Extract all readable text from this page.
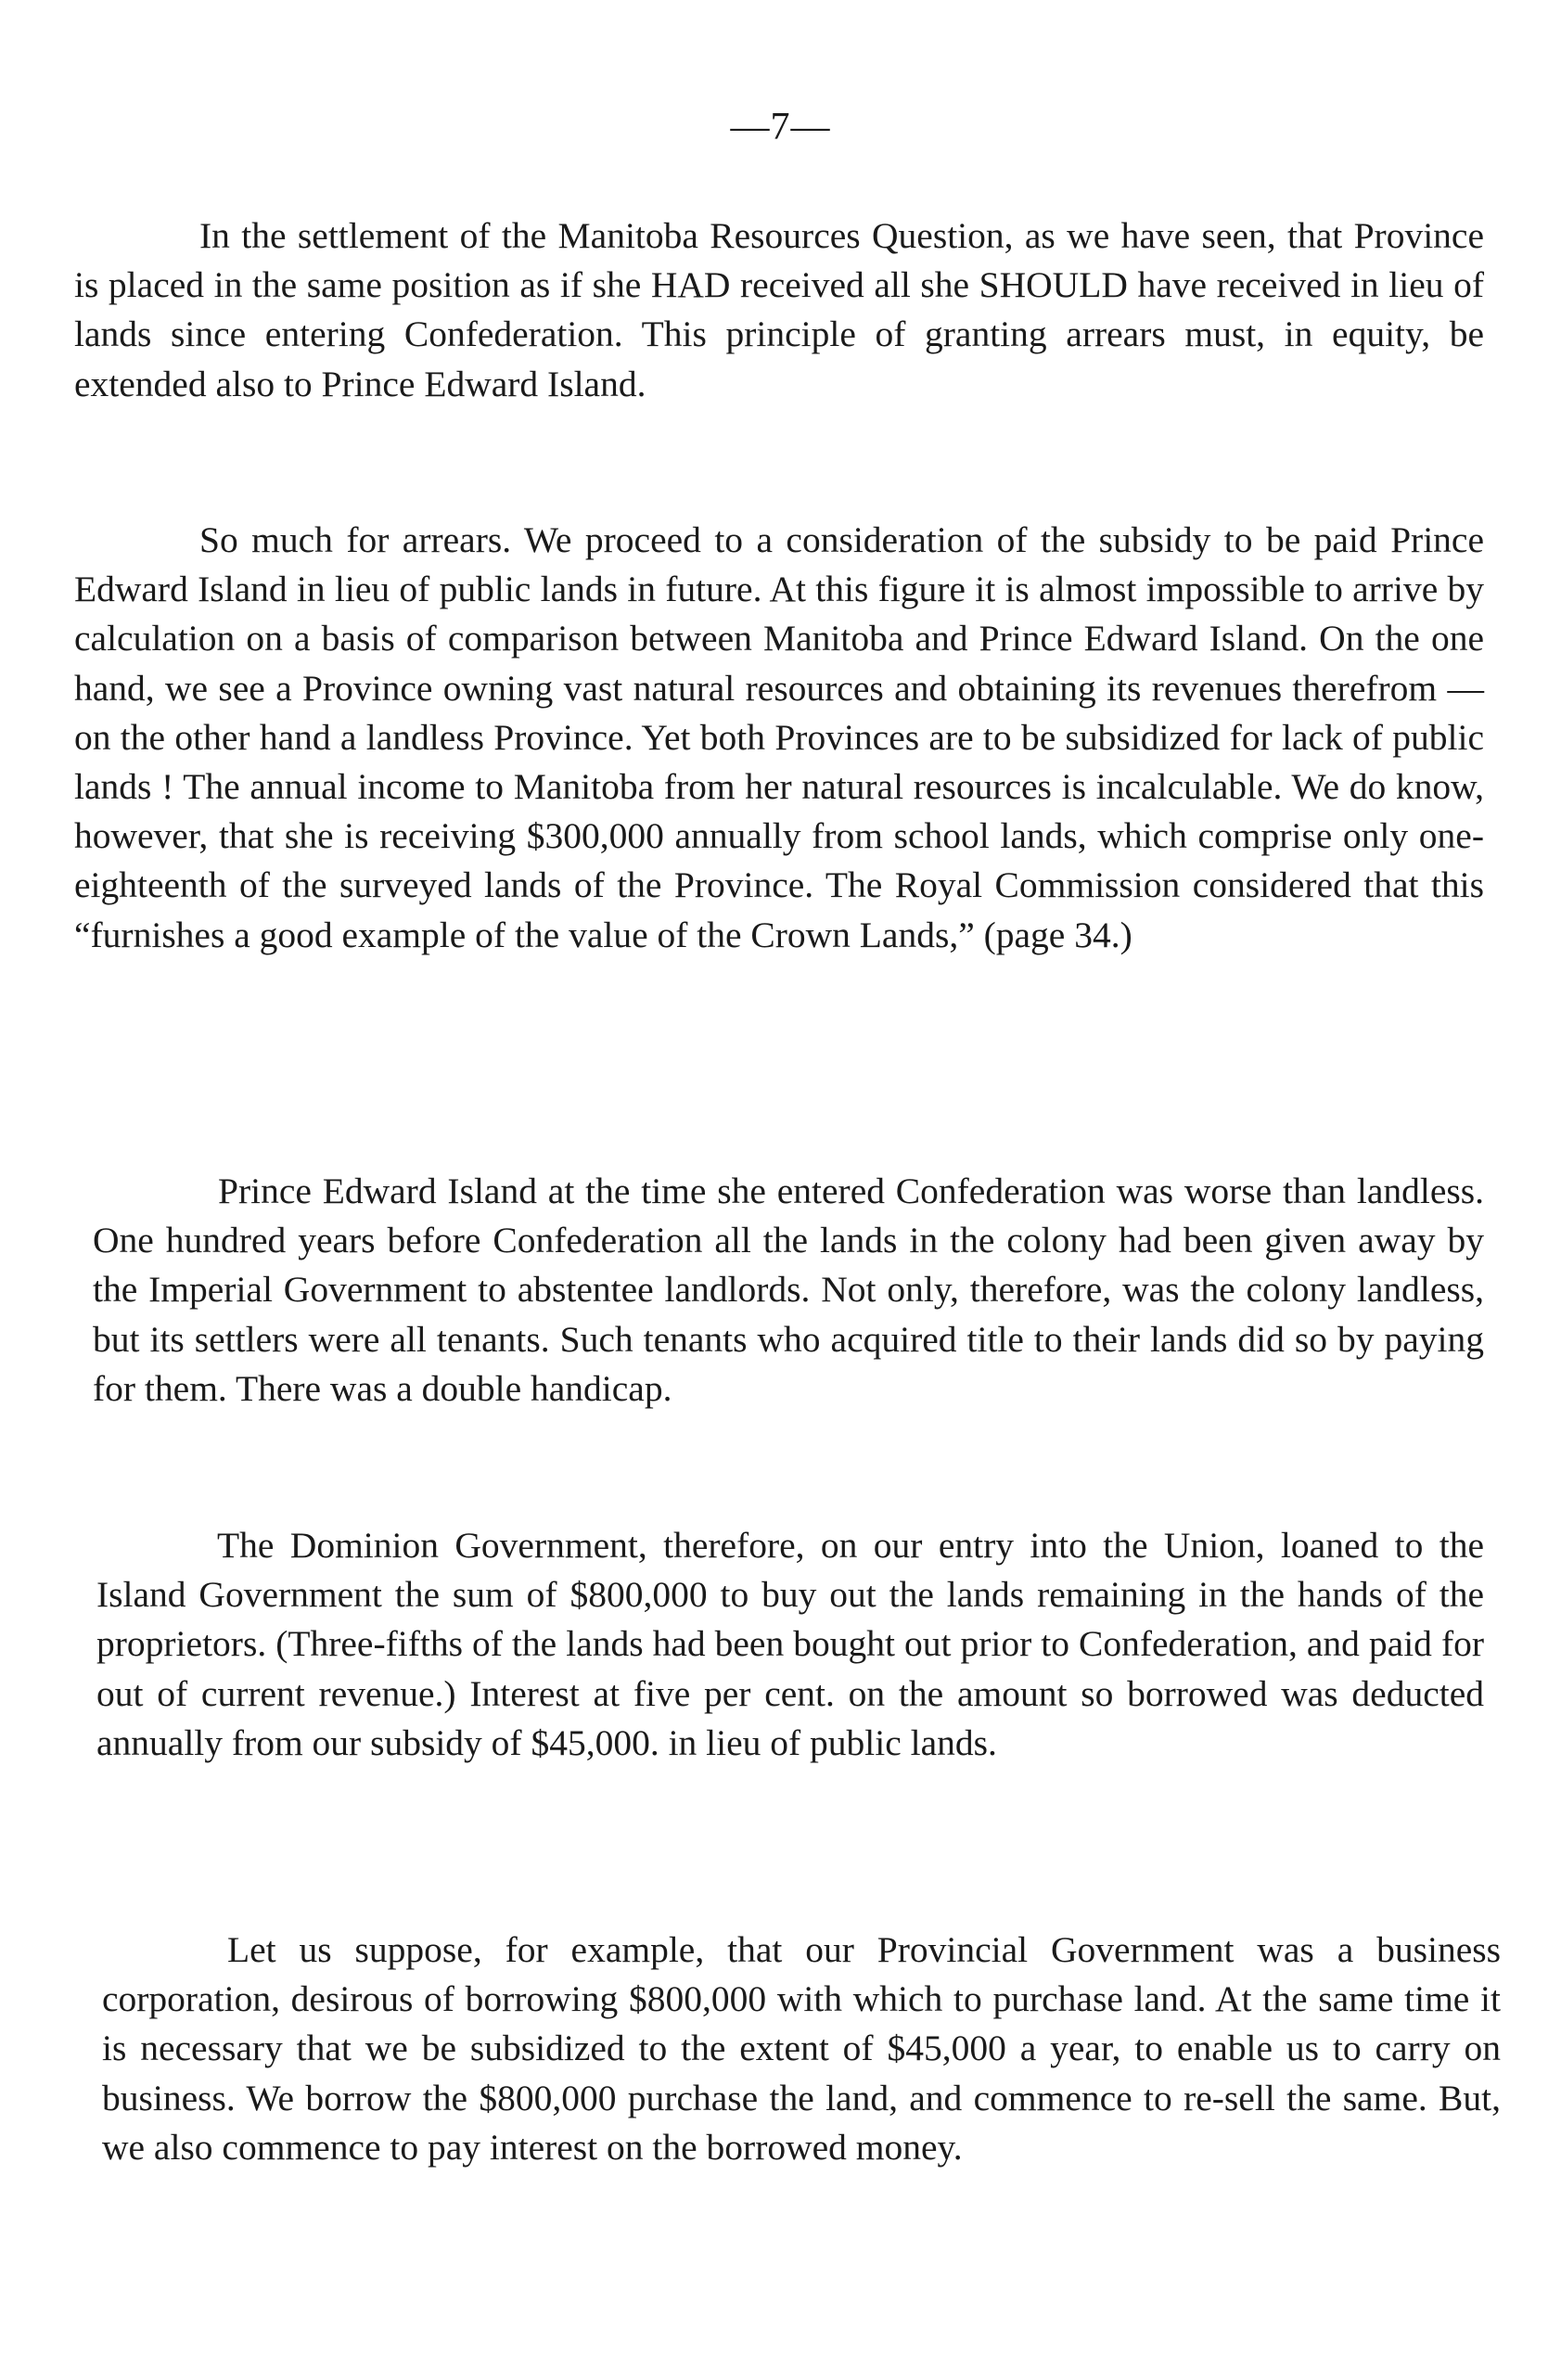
—7—

In the settlement of the Manitoba Resources Question, as we have seen, that Province is placed in the same position as if she HAD received all she SHOULD have received in lieu of lands since entering Confederation. This principle of granting arrears must, in equity, be extended also to Prince Edward Island.

So much for arrears. We proceed to a consideration of the subsidy to be paid Prince Edward Island in lieu of public lands in future. At this figure it is almost impossible to arrive by calculation on a basis of comparison between Manitoba and Prince Edward Island. On the one hand, we see a Province owning vast natural resources and obtaining its revenues therefrom — on the other hand a landless Province. Yet both Provinces are to be subsidized for lack of public lands ! The annual income to Manitoba from her natural resources is incalculable. We do know, however, that she is receiving $300,000 annually from school lands, which comprise only one-eighteenth of the surveyed lands of the Province. The Royal Commission considered that this “furnishes a good example of the value of the Crown Lands,” (page 34.)

Prince Edward Island at the time she entered Confederation was worse than landless. One hundred years before Confederation all the lands in the colony had been given away by the Imperial Government to abstentee landlords. Not only, therefore, was the colony landless, but its settlers were all tenants. Such tenants who acquired title to their lands did so by paying for them. There was a double handicap.

The Dominion Government, therefore, on our entry into the Union, loaned to the Island Government the sum of $800,000 to buy out the lands remaining in the hands of the proprietors. (Three-fifths of the lands had been bought out prior to Confederation, and paid for out of current revenue.) Interest at five per cent. on the amount so borrowed was deducted annually from our subsidy of $45,000. in lieu of public lands.

Let us suppose, for example, that our Provincial Government was a business corporation, desirous of borrowing $800,000 with which to purchase land. At the same time it is necessary that we be subsidized to the extent of $45,000 a year, to enable us to carry on business. We borrow the $800,000 purchase the land, and commence to re-sell the same. But, we also commence to pay interest on the borrowed money.
